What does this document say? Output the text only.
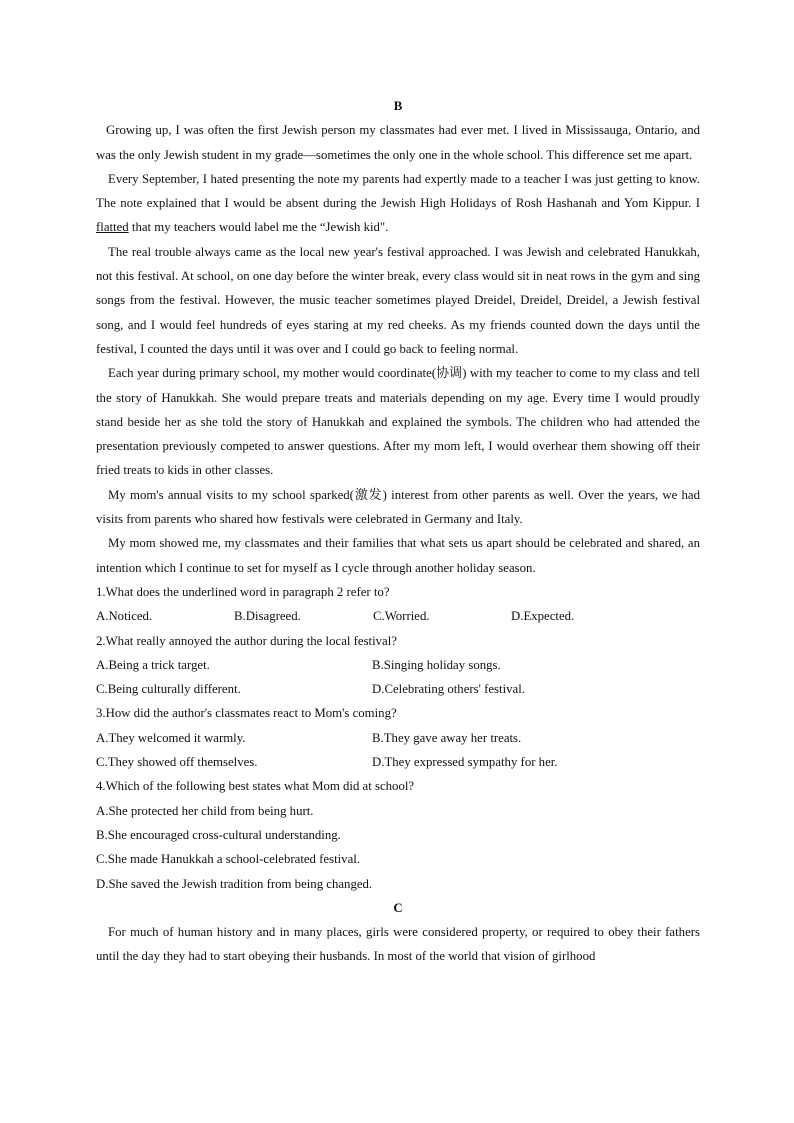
B

Growing up, I was often the first Jewish person my classmates had ever met. I lived in Mississauga, Ontario, and was the only Jewish student in my grade—sometimes the only one in the whole school. This difference set me apart.

Every September, I hated presenting the note my parents had expertly made to a teacher I was just getting to know. The note explained that I would be absent during the Jewish High Holidays of Rosh Hashanah and Yom Kippur. I flatted that my teachers would label me the “Jewish kid".

The real trouble always came as the local new year's festival approached. I was Jewish and celebrated Hanukkah, not this festival. At school, on one day before the winter break, every class would sit in neat rows in the gym and sing songs from the festival. However, the music teacher sometimes played Dreidel, Dreidel, Dreidel, a Jewish festival song, and I would feel hundreds of eyes staring at my red cheeks. As my friends counted down the days until the festival, I counted the days until it was over and I could go back to feeling normal.

Each year during primary school, my mother would coordinate(协调) with my teacher to come to my class and tell the story of Hanukkah. She would prepare treats and materials depending on my age. Every time I would proudly stand beside her as she told the story of Hanukkah and explained the symbols. The children who had attended the presentation previously competed to answer questions. After my mom left, I would overhear them showing off their fried treats to kids in other classes.

My mom's annual visits to my school sparked(激发) interest from other parents as well. Over the years, we had visits from parents who shared how festivals were celebrated in Germany and Italy.

My mom showed me, my classmates and their families that what sets us apart should be celebrated and shared, an intention which I continue to set for myself as I cycle through another holiday season.

1.What does the underlined word in paragraph 2 refer to?

A.Noticed.	B.Disagreed.	C.Worried.	D.Expected.

2.What really annoyed the author during the local festival?

A.Being a trick target.	B.Singing holiday songs.
C.Being culturally different.	D.Celebrating others' festival.

3.How did the author's classmates react to Mom's coming?

A.They welcomed it warmly.	B.They gave away her treats.
C.They showed off themselves.	D.They expressed sympathy for her.

4.Which of the following best states what Mom did at school?

A.She protected her child from being hurt.

B.She encouraged cross-cultural understanding.

C.She made Hanukkah a school-celebrated festival.

D.She saved the Jewish tradition from being changed.

C

For much of human history and in many places, girls were considered property, or required to obey their fathers until the day they had to start obeying their husbands. In most of the world that vision of girlhood
